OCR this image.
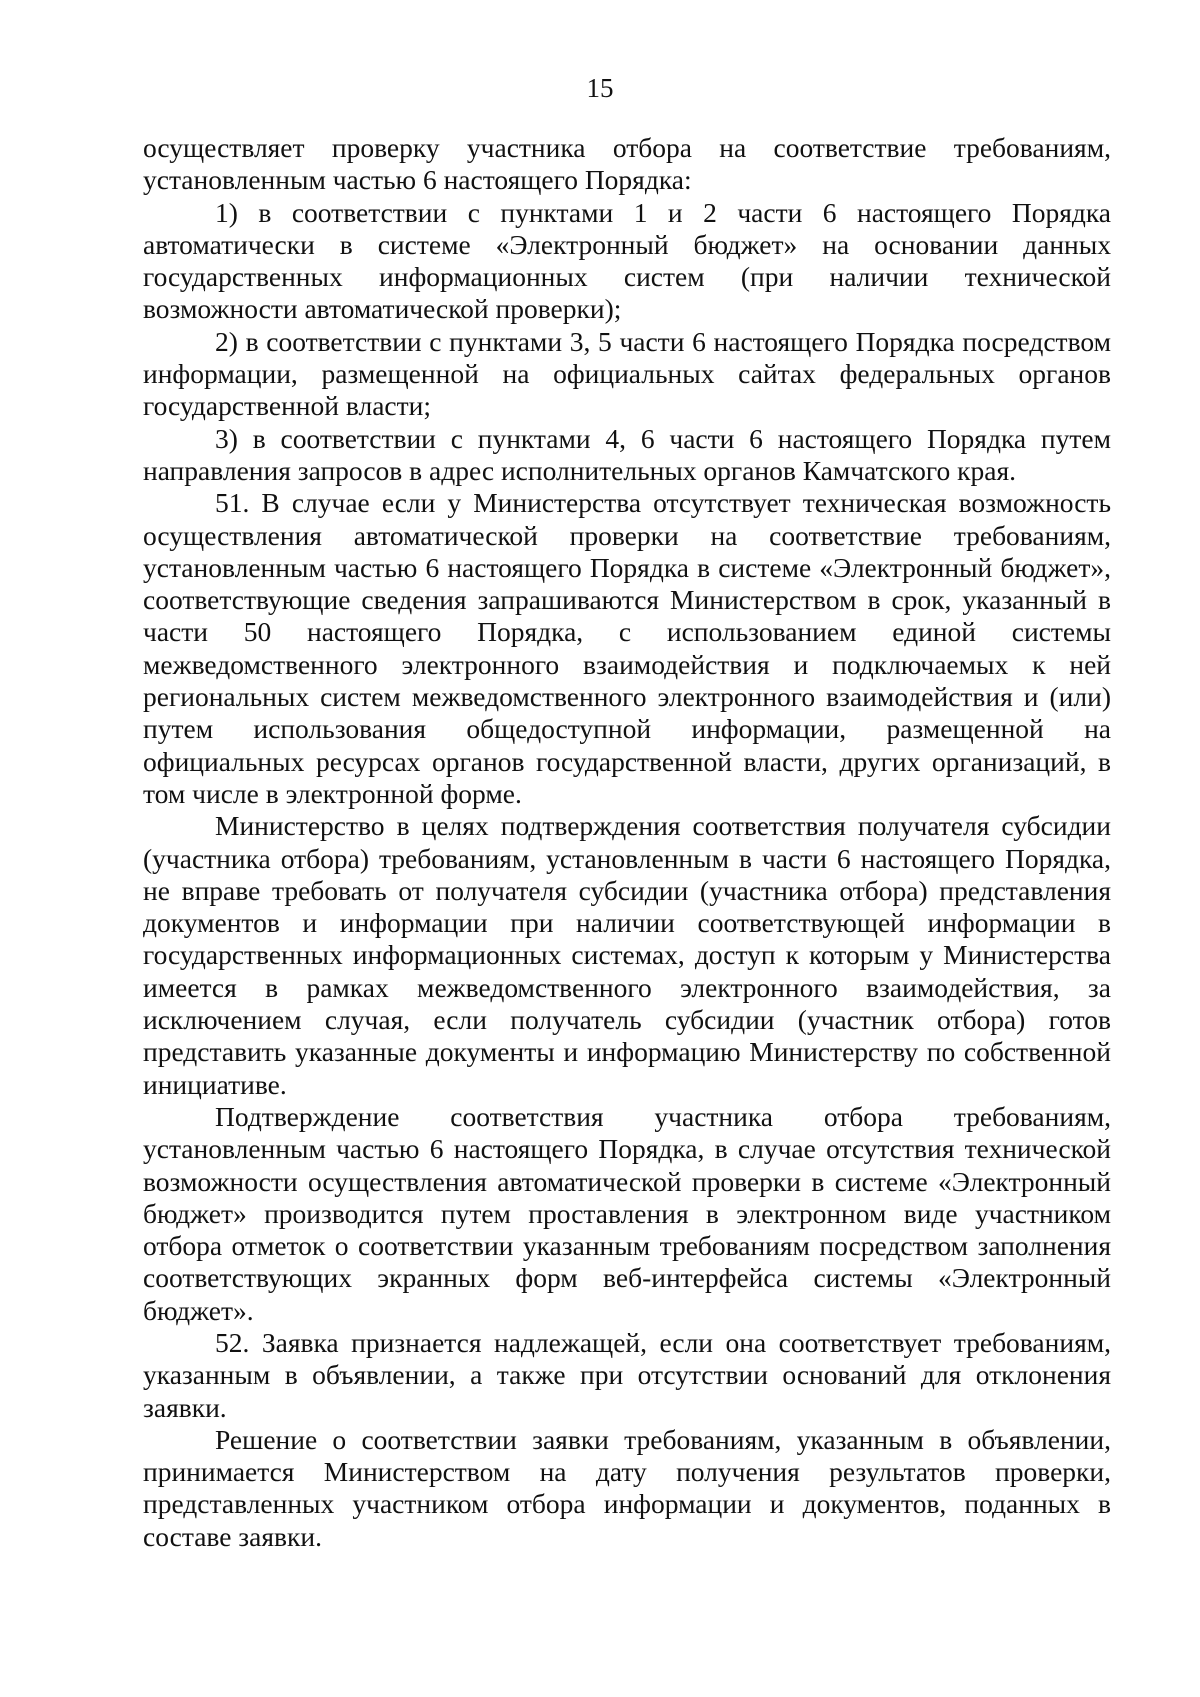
15

осуществляет проверку участника отбора на соответствие требованиям, установленным частью 6 настоящего Порядка:

1) в соответствии с пунктами 1 и 2 части 6 настоящего Порядка автоматически в системе «Электронный бюджет» на основании данных государственных информационных систем (при наличии технической возможности автоматической проверки);

2) в соответствии с пунктами 3, 5 части 6 настоящего Порядка посредством информации, размещенной на официальных сайтах федеральных органов государственной власти;

3) в соответствии с пунктами 4, 6 части 6 настоящего Порядка путем направления запросов в адрес исполнительных органов Камчатского края.

51. В случае если у Министерства отсутствует техническая возможность осуществления автоматической проверки на соответствие требованиям, установленным частью 6 настоящего Порядка в системе «Электронный бюджет», соответствующие сведения запрашиваются Министерством в срок, указанный в части 50 настоящего Порядка, с использованием единой системы межведомственного электронного взаимодействия и подключаемых к ней региональных систем межведомственного электронного взаимодействия и (или) путем использования общедоступной информации, размещенной на официальных ресурсах органов государственной власти, других организаций, в том числе в электронной форме.

Министерство в целях подтверждения соответствия получателя субсидии (участника отбора) требованиям, установленным в части 6 настоящего Порядка, не вправе требовать от получателя субсидии (участника отбора) представления документов и информации при наличии соответствующей информации в государственных информационных системах, доступ к которым у Министерства имеется в рамках межведомственного электронного взаимодействия, за исключением случая, если получатель субсидии (участник отбора) готов представить указанные документы и информацию Министерству по собственной инициативе.

Подтверждение соответствия участника отбора требованиям, установленным частью 6 настоящего Порядка, в случае отсутствия технической возможности осуществления автоматической проверки в системе «Электронный бюджет» производится путем проставления в электронном виде участником отбора отметок о соответствии указанным требованиям посредством заполнения соответствующих экранных форм веб-интерфейса системы «Электронный бюджет».

52. Заявка признается надлежащей, если она соответствует требованиям, указанным в объявлении, а также при отсутствии оснований для отклонения заявки.

Решение о соответствии заявки требованиям, указанным в объявлении, принимается Министерством на дату получения результатов проверки, представленных участником отбора информации и документов, поданных в составе заявки.
